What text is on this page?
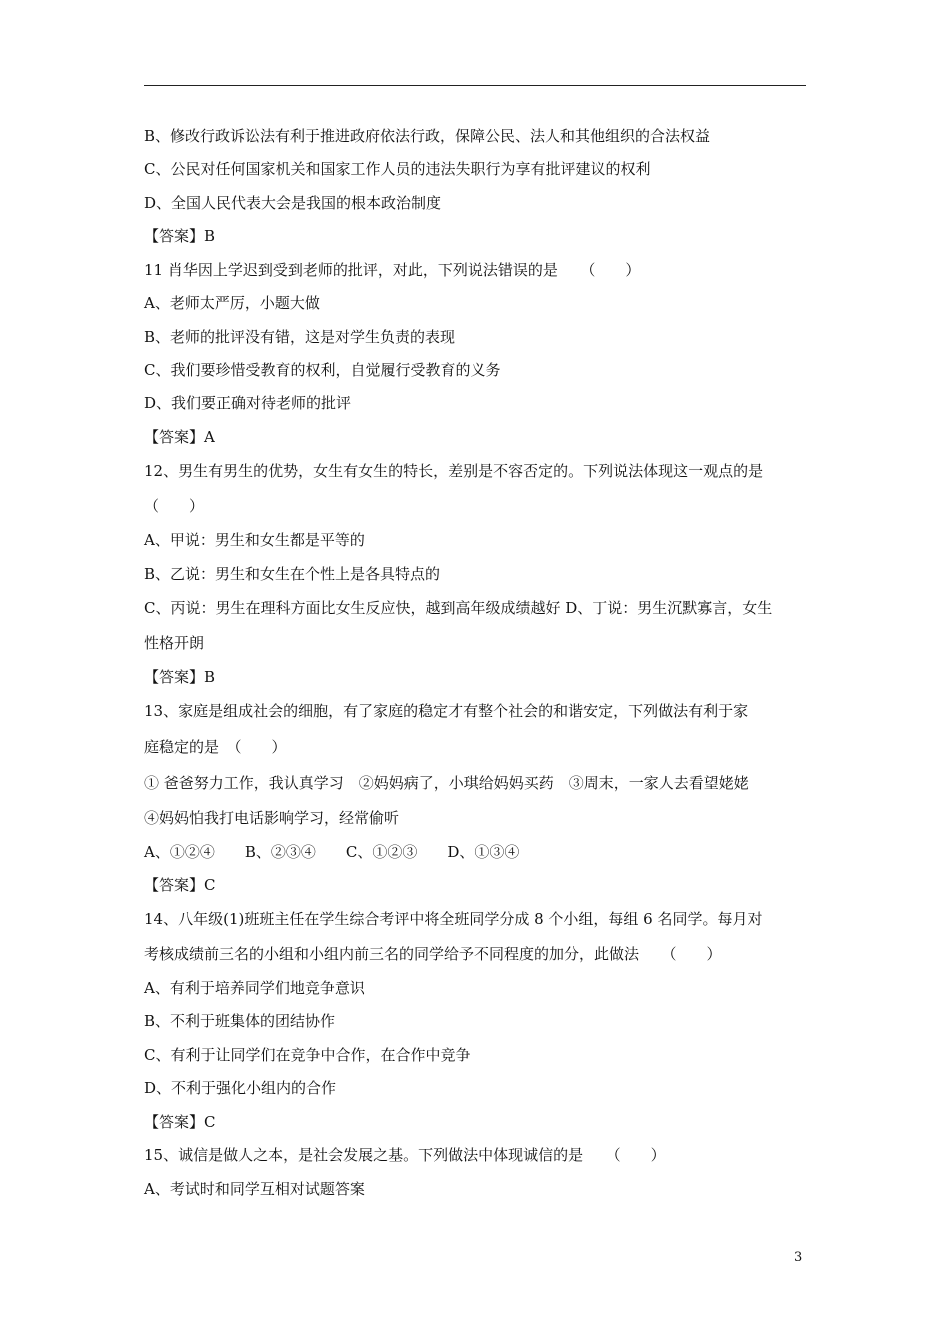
B、修改行政诉讼法有利于推进政府依法行政，保障公民、法人和其他组织的合法权益
C、公民对任何国家机关和国家工作人员的违法失职行为享有批评建议的权利
D、全国人民代表大会是我国的根本政治制度
【答案】B
11 肖华因上学迟到受到老师的批评，对此，下列说法错误的是　　（　　）
A、老师太严厉，小题大做
B、老师的批评没有错，这是对学生负责的表现
C、我们要珍惜受教育的权利，自觉履行受教育的义务
D、我们要正确对待老师的批评
【答案】A
12、男生有男生的优势，女生有女生的特长，差别是不容否定的。下列说法体现这一观点的是
（　　）
A、甲说：男生和女生都是平等的
B、乙说：男生和女生在个性上是各具特点的
C、丙说：男生在理科方面比女生反应快，越到高年级成绩越好 D、丁说：男生沉默寡言，女生
性格开朗
【答案】B
13、家庭是组成社会的细胞，有了家庭的稳定才有整个社会的和谐安定，下列做法有利于家
庭稳定的是　（　　）
① 爸爸努力工作，我认真学习　②妈妈病了，小琪给妈妈买药　③周末，一家人去看望姥姥
④妈妈怕我打电话影响学习，经常偷听
A、①②④　　B、②③④　　C、①②③　　D、①③④
【答案】C
14、八年级(1)班班主任在学生综合考评中将全班同学分成 8 个小组，每组 6 名同学。每月对
考核成绩前三名的小组和小组内前三名的同学给予不同程度的加分，此做法　　（　　）
A、有利于培养同学们地竞争意识
B、不利于班集体的团结协作
C、有利于让同学们在竞争中合作，在合作中竞争
D、不利于强化小组内的合作
【答案】C
15、诚信是做人之本，是社会发展之基。下列做法中体现诚信的是　　（　　）
A、考试时和同学互相对试题答案
3
